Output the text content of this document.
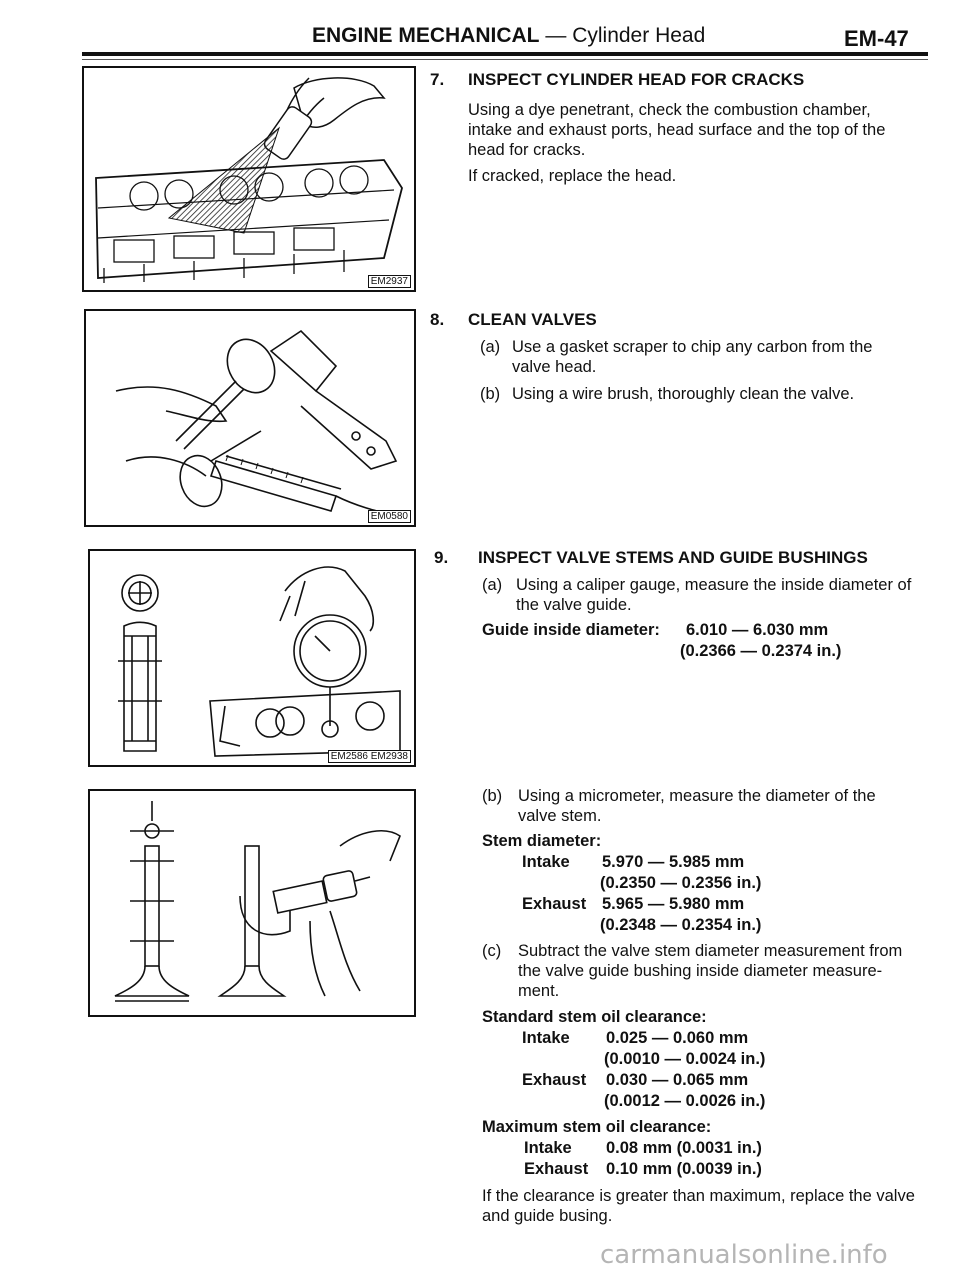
ENGINE MECHANICAL — Cylinder Head	EM-47
EM2937
EM0580
EM2586 EM2938
7. INSPECT CYLINDER HEAD FOR CRACKS
Using a dye penetrant, check the combustion chamber,
intake and exhaust ports, head surface and the top of the
head for cracks.
If cracked, replace the head.
8. CLEAN VALVES
(a) Use a gasket scraper to chip any carbon from the
valve head.
(b) Using a wire brush, thoroughly clean the valve.
9. INSPECT VALVE STEMS AND GUIDE BUSHINGS
(a) Using a caliper gauge, measure the inside diameter of
the valve guide.
Guide inside diameter: 6.010 — 6.030 mm
(0.2366 — 0.2374 in.)
(b) Using a micrometer, measure the diameter of the
valve stem.
Stem diameter:
Intake 5.970 — 5.985 mm
(0.2350 — 0.2356 in.)
Exhaust 5.965 — 5.980 mm
(0.2348 — 0.2354 in.)
(c) Subtract the valve stem diameter measurement from
the valve guide bushing inside diameter measure-
ment.
Standard stem oil clearance:
Intake 0.025 — 0.060 mm
(0.0010 — 0.0024 in.)
Exhaust 0.030 — 0.065 mm
(0.0012 — 0.0026 in.)
Maximum stem oil clearance:
Intake 0.08 mm (0.0031 in.)
Exhaust 0.10 mm (0.0039 in.)
If the clearance is greater than maximum, replace the valve
and guide busing.
carmanualsonline.info
